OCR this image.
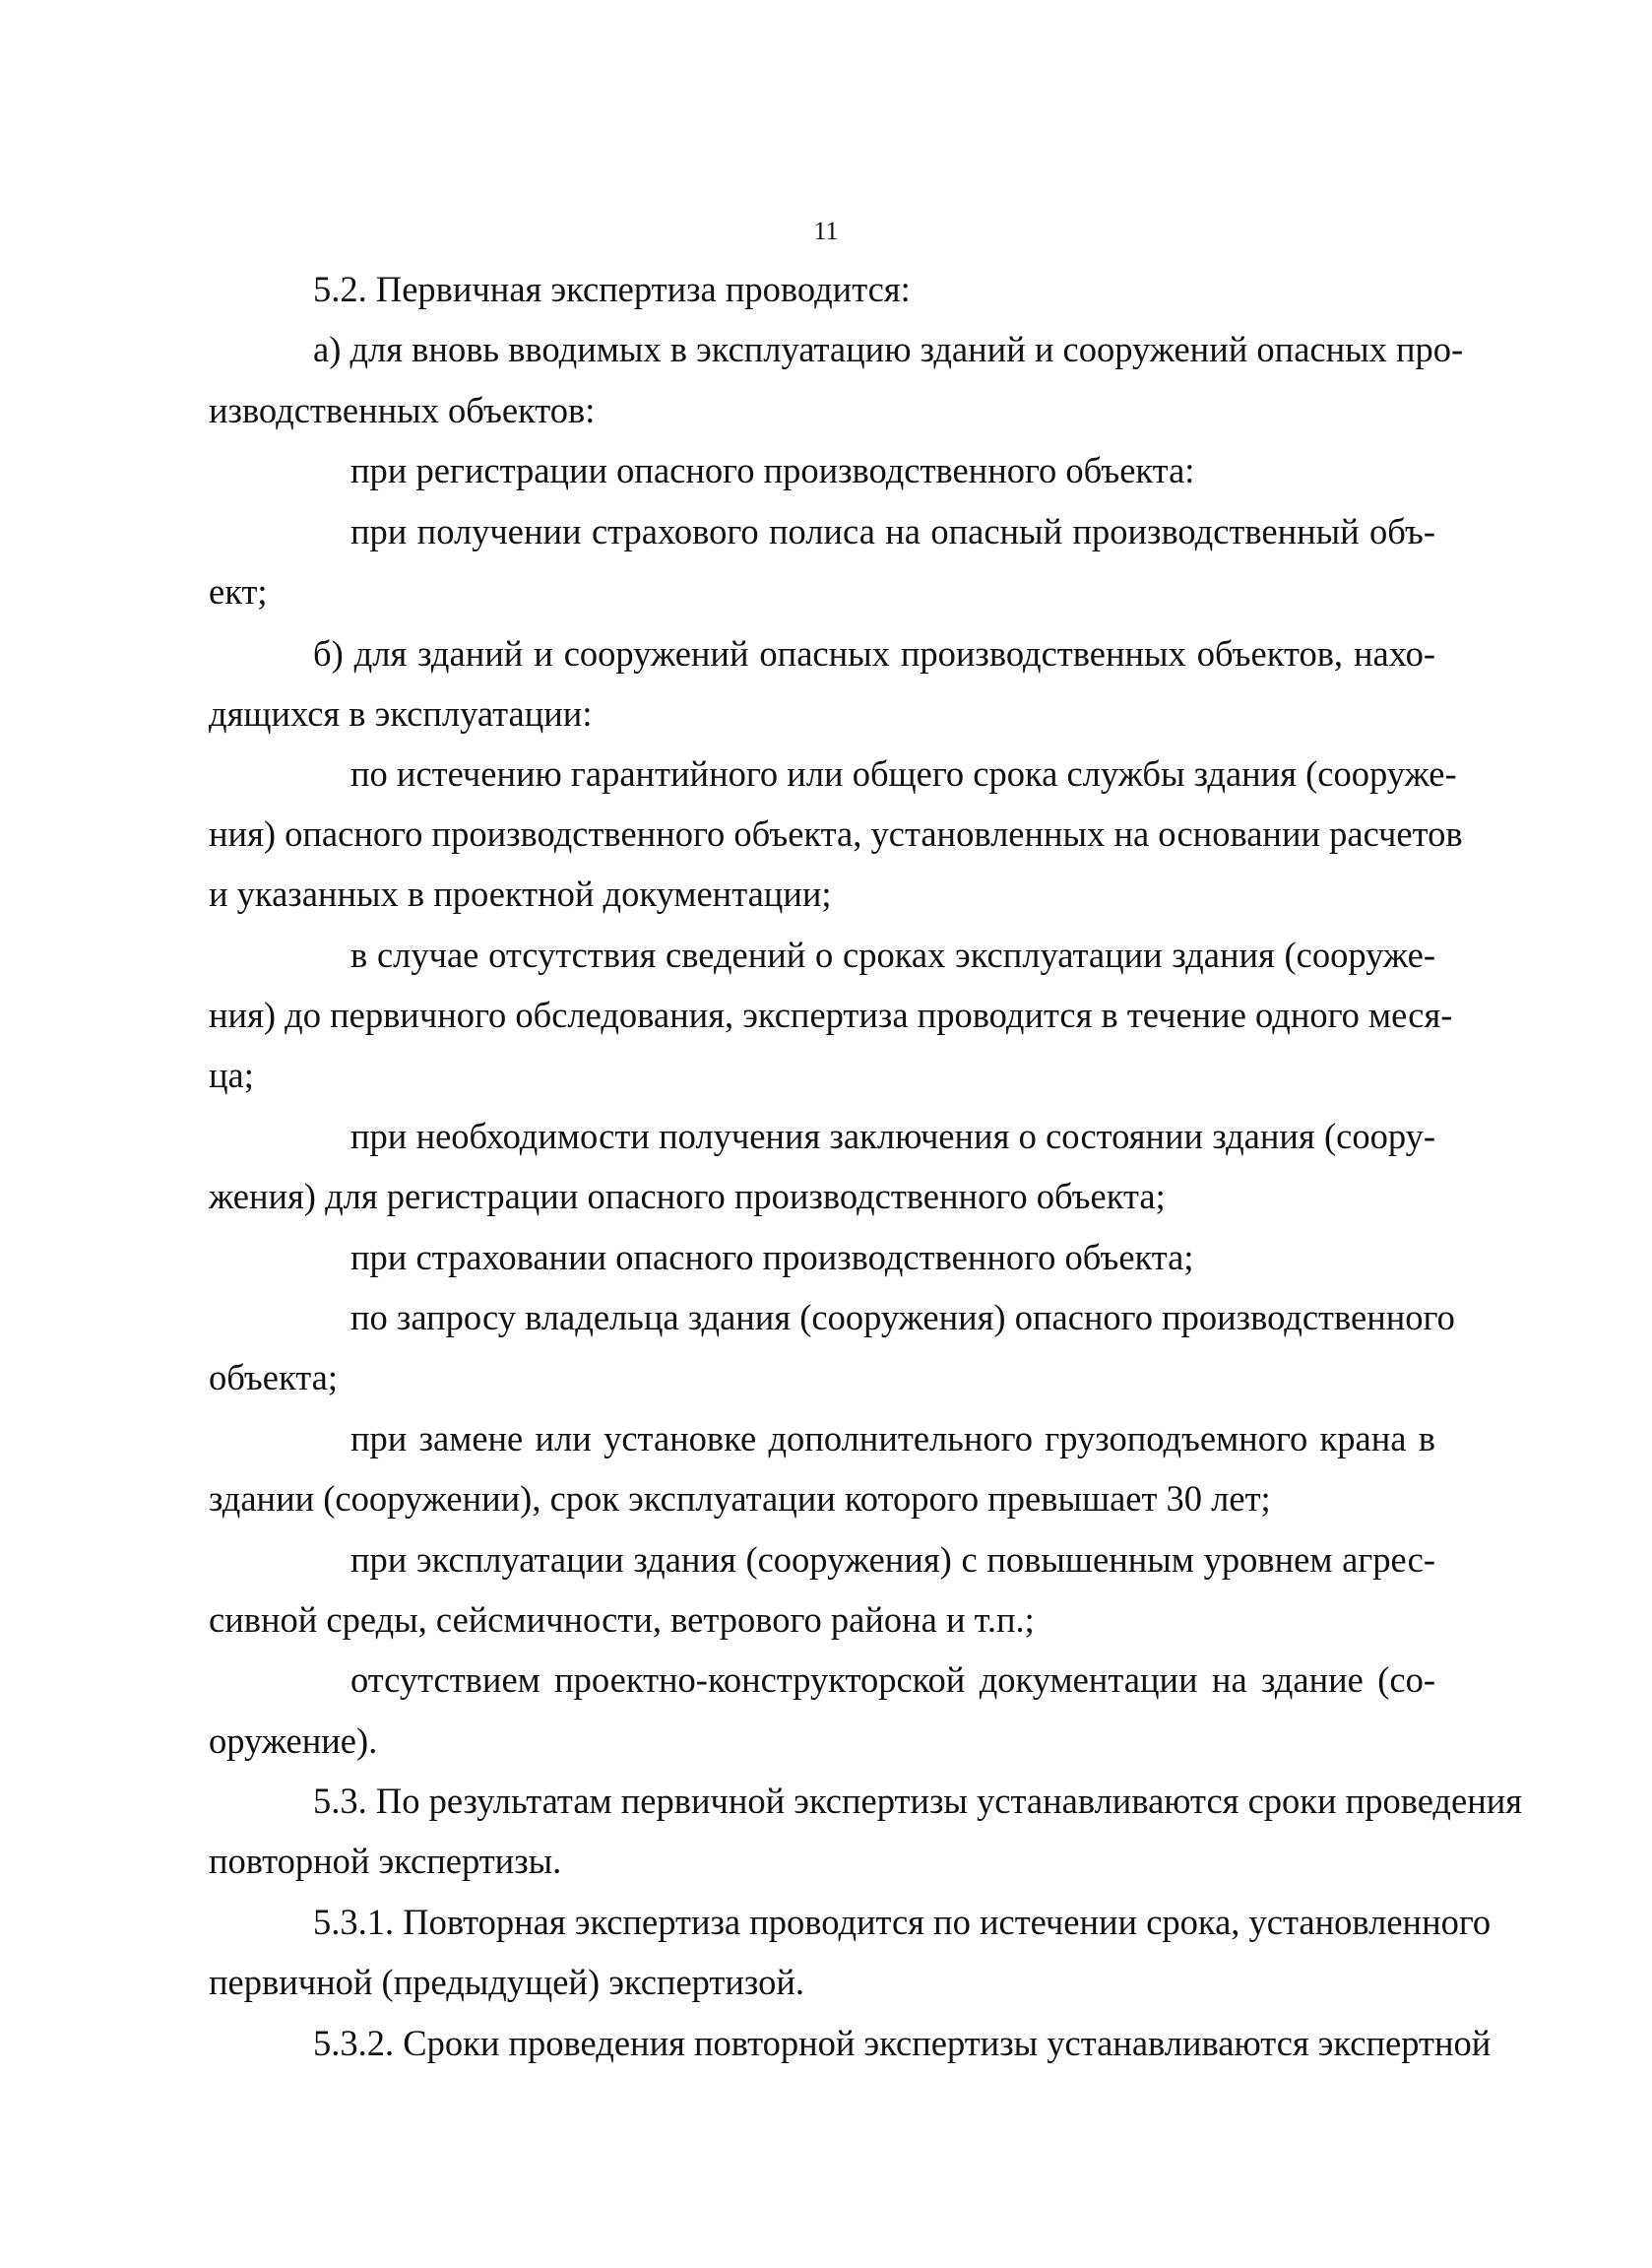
11

5.2. Первичная экспертиза проводится:

а) для вновь вводимых в эксплуатацию зданий и сооружений опасных про-

изводственных объектов:

при регистрации опасного производственного объекта:

при получении страхового полиса на опасный производственный объ-

ект;

б) для зданий и сооружений опасных производственных объектов, нахо-

дящихся в эксплуатации:

по истечению гарантийного или общего срока службы здания (сооруже-

ния) опасного производственного объекта, установленных на основании расчетов

и указанных в проектной документации;

в случае отсутствия сведений о сроках эксплуатации здания (сооруже-

ния) до первичного обследования, экспертиза проводится в течение одного меся-

ца;

при необходимости получения заключения о состоянии здания (соору-

жения) для регистрации опасного производственного объекта;

при страховании опасного производственного объекта;

по запросу владельца здания (сооружения) опасного производственного

объекта;

при замене или установке дополнительного грузоподъемного крана в

здании (сооружении), срок эксплуатации которого превышает 30 лет;

при эксплуатации здания (сооружения) с повышенным уровнем агрес-

сивной среды, сейсмичности, ветрового района и т.п.;

отсутствием проектно-конструкторской документации на здание (со-

оружение).

5.3. По результатам первичной экспертизы устанавливаются сроки проведения

повторной экспертизы.

5.3.1. Повторная экспертиза проводится по истечении срока, установленного

первичной (предыдущей) экспертизой.

5.3.2. Сроки проведения повторной экспертизы устанавливаются экспертной
